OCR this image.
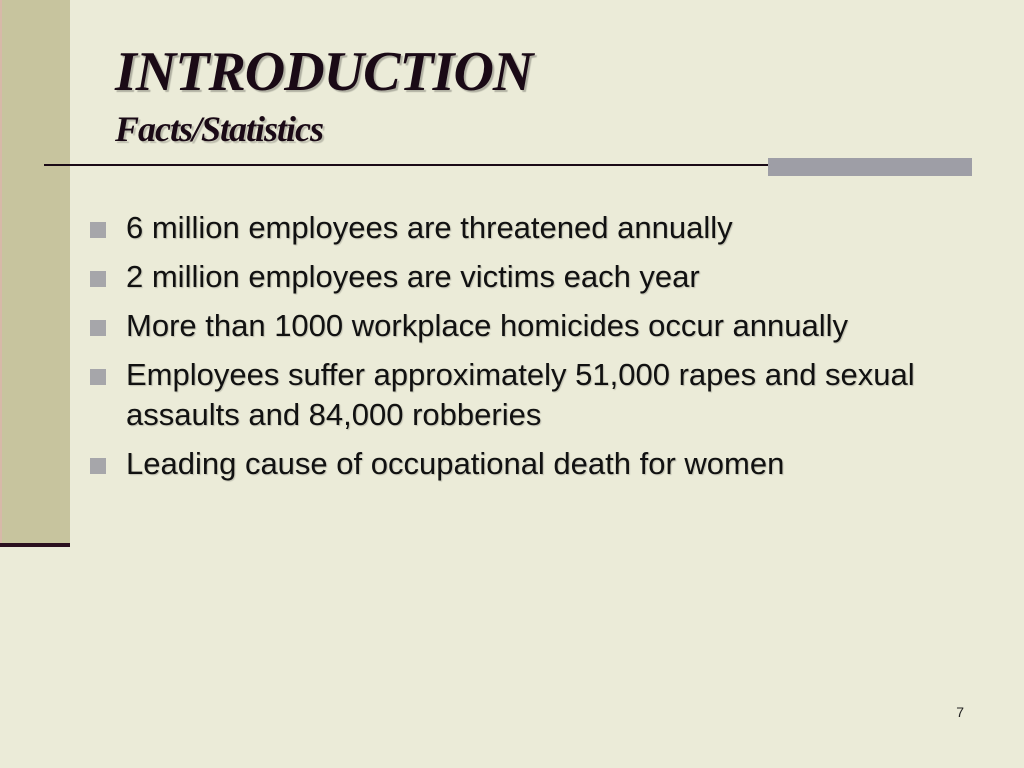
INTRODUCTION
Facts/Statistics
6 million employees are threatened annually
2 million employees are victims each year
More than 1000 workplace homicides occur annually
Employees suffer approximately 51,000 rapes and sexual assaults and 84,000 robberies
Leading cause of occupational death for women
7
